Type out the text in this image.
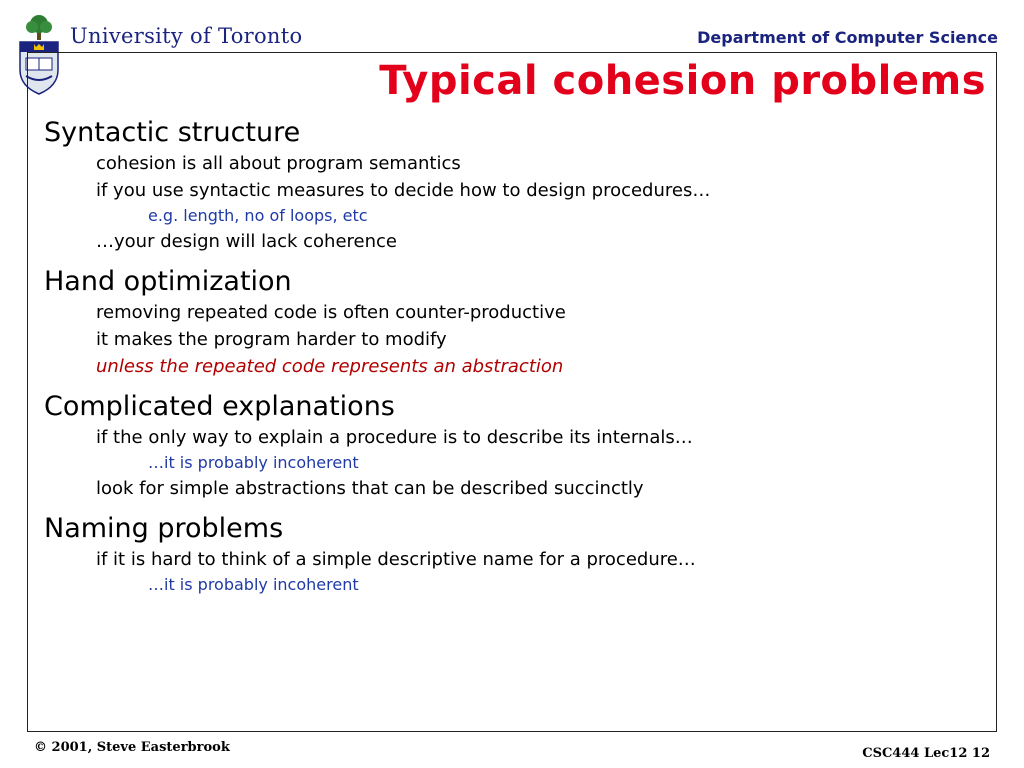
University of Toronto	Department of Computer Science
Typical cohesion problems
Syntactic structure
cohesion is all about program semantics
if you use syntactic measures to decide how to design procedures…
e.g. length, no of loops, etc
…your design will lack coherence
Hand optimization
removing repeated code is often counter-productive
it makes the program harder to modify
unless the repeated code represents an abstraction
Complicated explanations
if the only way to explain a procedure is to describe its internals…
…it is probably incoherent
look for simple abstractions that can be described succinctly
Naming problems
if it is hard to think of a simple descriptive name for a procedure…
…it is probably incoherent
© 2001, Steve Easterbrook	CSC444 Lec12 12
